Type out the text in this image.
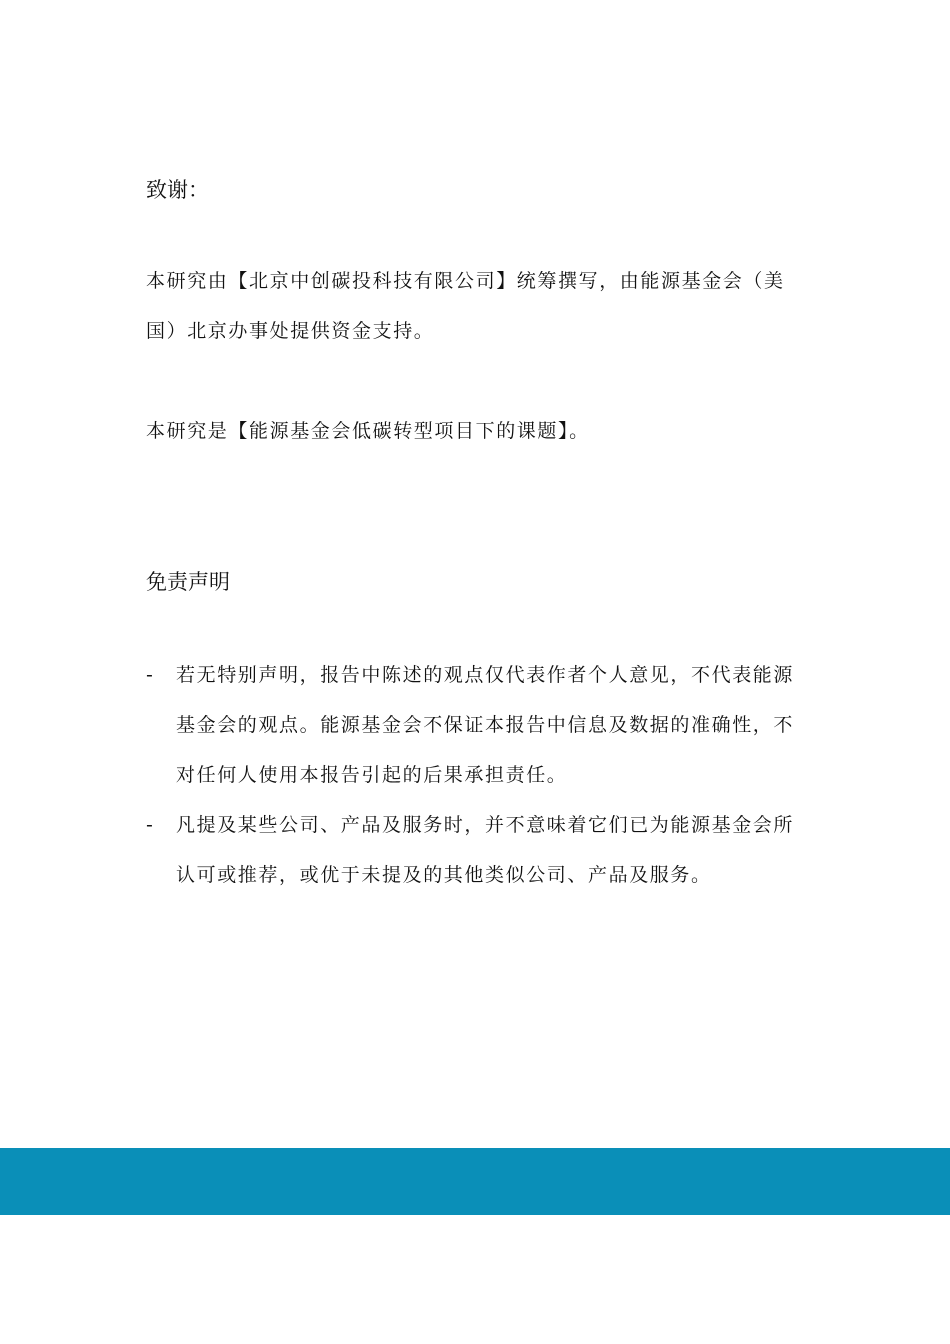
致谢：

本研究由【北京中创碳投科技有限公司】统筹撰写，由能源基金会（美国）北京办事处提供资金支持。

本研究是【能源基金会低碳转型项目下的课题】。

免责声明
- 若无特别声明，报告中陈述的观点仅代表作者个人意见，不代表能源基金会的观点。能源基金会不保证本报告中信息及数据的准确性，不对任何人使用本报告引起的后果承担责任。
- 凡提及某些公司、产品及服务时，并不意味着它们已为能源基金会所认可或推荐，或优于未提及的其他类似公司、产品及服务。
